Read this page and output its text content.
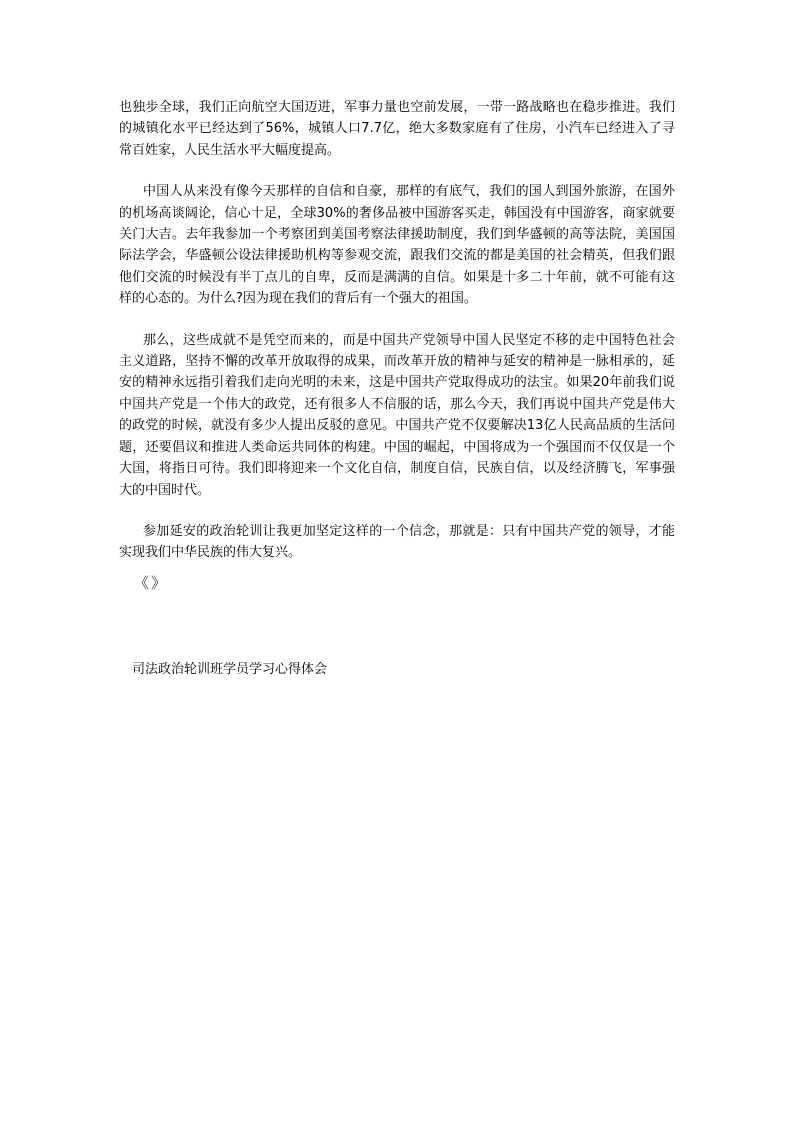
也独步全球，我们正向航空大国迈进，军事力量也空前发展，一带一路战略也在稳步推进。我们的城镇化水平已经达到了56%，城镇人口7.7亿，绝大多数家庭有了住房，小汽车已经进入了寻常百姓家，人民生活水平大幅度提高。

中国人从来没有像今天那样的自信和自豪，那样的有底气，我们的国人到国外旅游，在国外的机场高谈阔论，信心十足，全球30%的奢侈品被中国游客买走，韩国没有中国游客，商家就要关门大吉。去年我参加一个考察团到美国考察法律援助制度，我们到华盛顿的高等法院，美国国际法学会，华盛顿公设法律援助机构等参观交流，跟我们交流的都是美国的社会精英，但我们跟他们交流的时候没有半丁点儿的自卑，反而是满满的自信。如果是十多二十年前，就不可能有这样的心态的。为什么?因为现在我们的背后有一个强大的祖国。

那么，这些成就不是凭空而来的，而是中国共产党领导中国人民坚定不移的走中国特色社会主义道路，坚持不懈的改革开放取得的成果，而改革开放的精神与延安的精神是一脉相承的，延安的精神永远指引着我们走向光明的未来，这是中国共产党取得成功的法宝。如果20年前我们说中国共产党是一个伟大的政党，还有很多人不信服的话，那么今天，我们再说中国共产党是伟大的政党的时候，就没有多少人提出反驳的意见。中国共产党不仅要解决13亿人民高品质的生活问题，还要倡议和推进人类命运共同体的构建。中国的崛起，中国将成为一个强国而不仅仅是一个大国，将指日可待。我们即将迎来一个文化自信，制度自信，民族自信，以及经济腾飞，军事强大的中国时代。

参加延安的政治轮训让我更加坚定这样的一个信念，那就是：只有中国共产党的领导，才能实现我们中华民族的伟大复兴。

《》
司法政治轮训班学员学习心得体会
